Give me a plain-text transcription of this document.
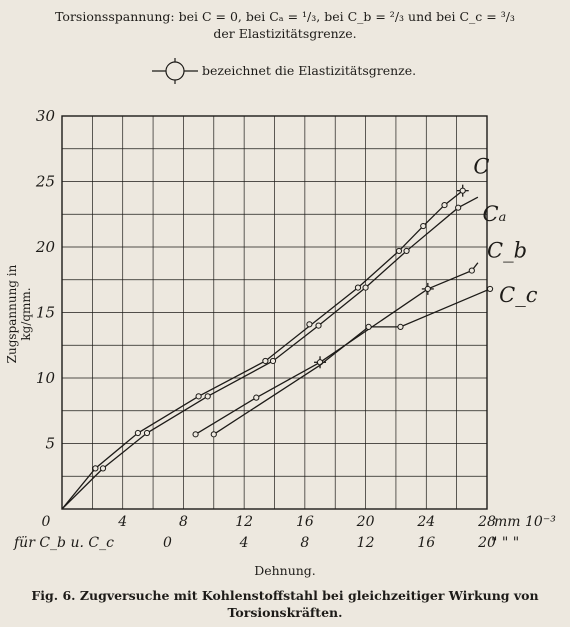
Torsionsspannung: bei C = 0, bei Cₐ = ¹/₃, bei C_b = ²/₃ und bei C_c = ³/₃
der Elastizitätsgrenze.
bezeichnet die Elastizitätsgrenze.
Zugspannung in kg/qmm.
5
10
15
20
25
30
0	4	8	12	16	20	24	28
mm 10⁻³
für C_b u. C_c	0	4	8	12	16	20
" " "
C
Cₐ
C_b
C_c
Dehnung.
Fig. 6. Zugversuche mit Kohlenstoffstahl bei gleichzeitiger Wirkung von
Torsionskräften.
